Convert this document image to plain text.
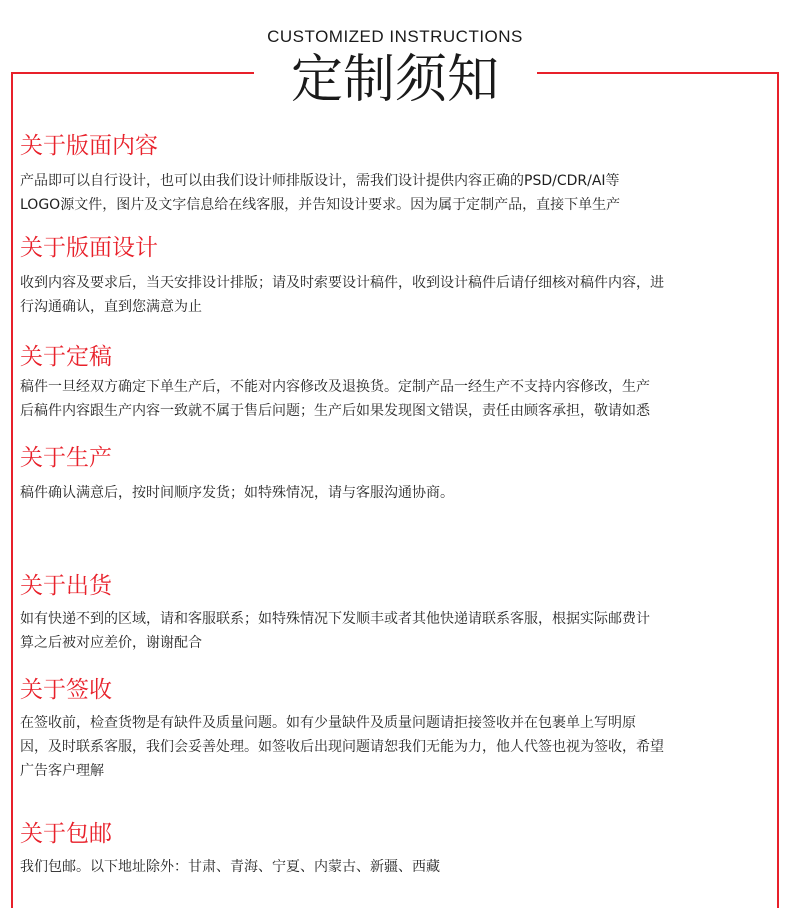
CUSTOMIZED INSTRUCTIONS
定制须知
关于版面内容

产品即可以自行设计，也可以由我们设计师排版设计，需我们设计提供内容正确的PSD/CDR/AI等

LOGO源文件，图片及文字信息给在线客服，并告知设计要求。因为属于定制产品，直接下单生产

关于版面设计

收到内容及要求后，当天安排设计排版；请及时索要设计稿件，收到设计稿件后请仔细核对稿件内容，进

行沟通确认，直到您满意为止

关于定稿

稿件一旦经双方确定下单生产后，不能对内容修改及退换货。定制产品一经生产不支持内容修改，生产

后稿件内容跟生产内容一致就不属于售后问题；生产后如果发现图文错误，责任由顾客承担，敬请如悉

关于生产

稿件确认满意后，按时间顺序发货；如特殊情况，请与客服沟通协商。

关于出货

如有快递不到的区域，请和客服联系；如特殊情况下发顺丰或者其他快递请联系客服，根据实际邮费计

算之后被对应差价，谢谢配合

关于签收

在签收前，检查货物是有缺件及质量问题。如有少量缺件及质量问题请拒接签收并在包裹单上写明原

因，及时联系客服，我们会妥善处理。如签收后出现问题请恕我们无能为力，他人代签也视为签收，希望

广告客户理解

关于包邮

我们包邮。以下地址除外：甘肃、青海、宁夏、内蒙古、新疆、西藏
